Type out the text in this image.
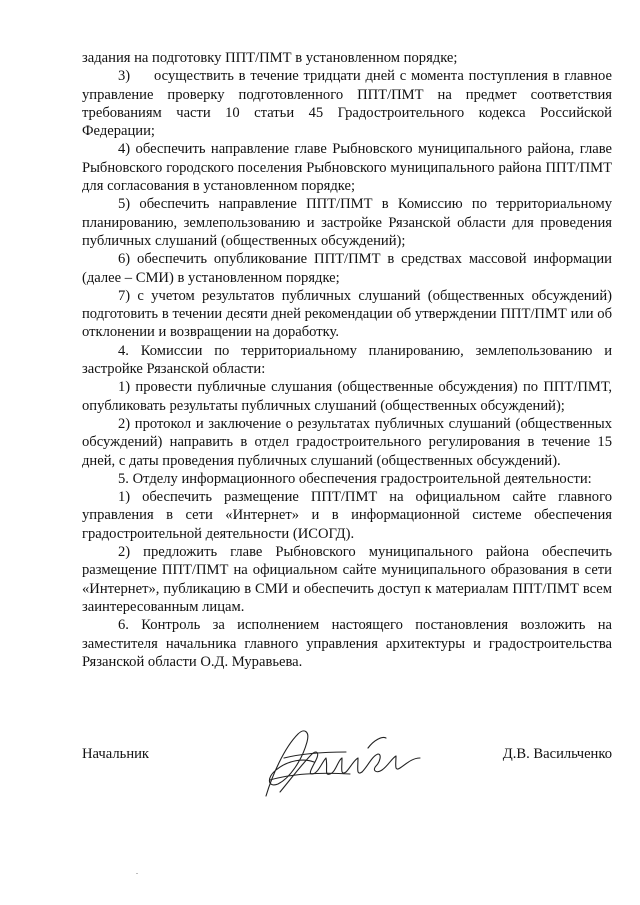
задания на подготовку ППТ/ПМТ в установленном порядке;

3)     осуществить в течение тридцати дней с момента поступления в главное управление проверку подготовленного ППТ/ПМТ на предмет соответствия требованиям части 10 статьи 45 Градостроительного кодекса Российской Федерации;

4) обеспечить направление главе Рыбновского муниципального района, главе Рыбновского городского поселения Рыбновского муниципального района ППТ/ПМТ для согласования в установленном порядке;

5) обеспечить направление ППТ/ПМТ в Комиссию по территориальному планированию, землепользованию и застройке Рязанской области для проведения публичных слушаний (общественных обсуждений);

6) обеспечить опубликование ППТ/ПМТ в средствах массовой информации (далее – СМИ) в установленном порядке;

7) с учетом результатов публичных слушаний (общественных обсуждений) подготовить в течении десяти дней рекомендации об утверждении ППТ/ПМТ или об отклонении и возвращении на доработку.

4. Комиссии по территориальному планированию, землепользованию и застройке Рязанской области:

1) провести публичные слушания (общественные обсуждения) по ППТ/ПМТ, опубликовать результаты публичных слушаний (общественных обсуждений);

2) протокол и заключение о результатах публичных слушаний (общественных обсуждений) направить в отдел градостроительного регулирования в течение 15 дней, с даты проведения публичных слушаний (общественных обсуждений).

5. Отделу информационного обеспечения градостроительной деятельности:

1) обеспечить размещение ППТ/ПМТ на официальном сайте главного управления в сети «Интернет» и в информационной системе обеспечения градостроительной деятельности (ИСОГД).

2) предложить главе Рыбновского муниципального района обеспечить размещение ППТ/ПМТ на официальном сайте муниципального образования в сети «Интернет», публикацию в СМИ и обеспечить доступ к материалам ППТ/ПМТ всем заинтересованным лицам.

6. Контроль за исполнением настоящего постановления возложить на заместителя начальника главного управления архитектуры и градостроительства Рязанской области О.Д. Муравьева.

Начальник	Д.В. Васильченко
